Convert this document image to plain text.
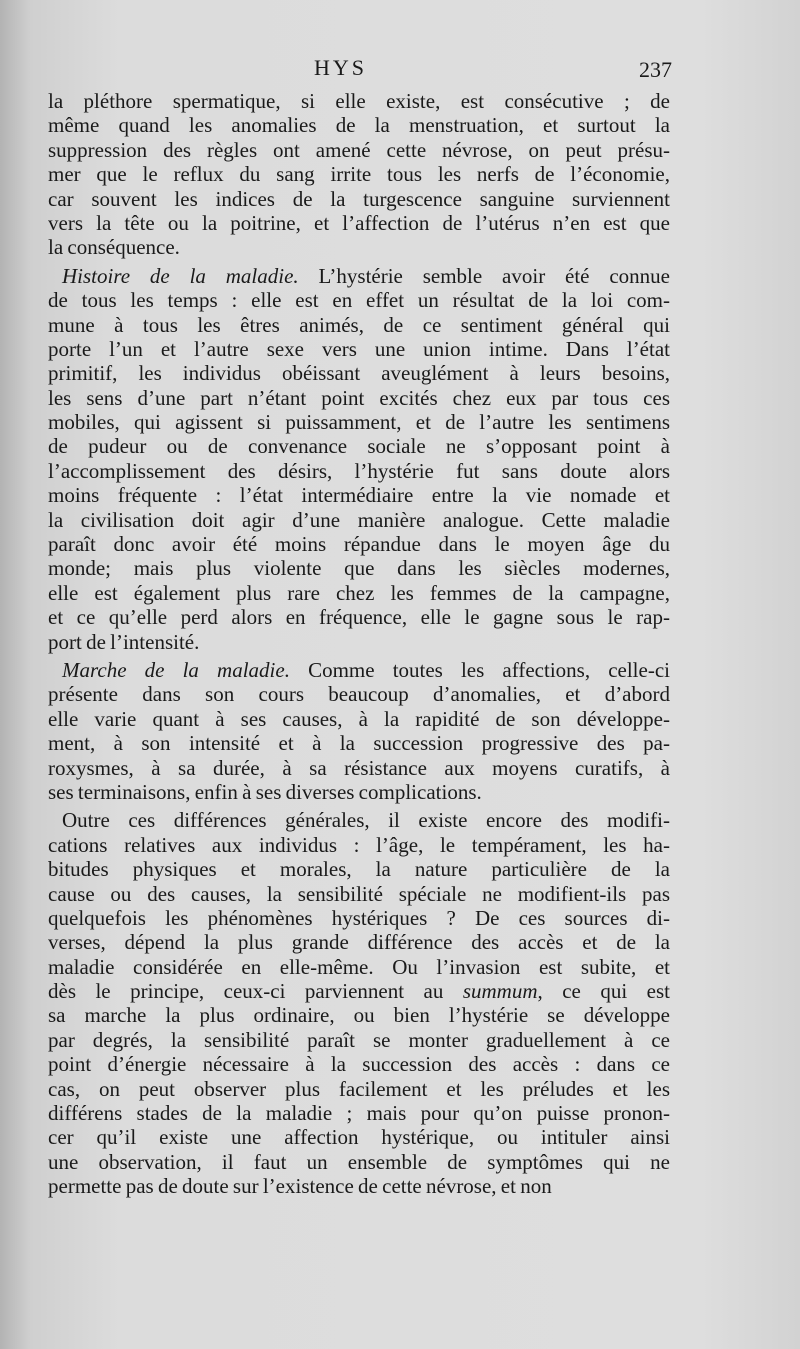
HYS	237
la pléthore spermatique, si elle existe, est consécutive ; de
même quand les anomalies de la menstruation, et surtout la
suppression des règles ont amené cette névrose, on peut présu-
mer que le reflux du sang irrite tous les nerfs de l’économie,
car souvent les indices de la turgescence sanguine surviennent
vers la tête ou la poitrine, et l’affection de l’utérus n’en est que
la conséquence.
Histoire de la maladie. L’hystérie semble avoir été connue
de tous les temps : elle est en effet un résultat de la loi com-
mune à tous les êtres animés, de ce sentiment général qui
porte l’un et l’autre sexe vers une union intime. Dans l’état
primitif, les individus obéissant aveuglément à leurs besoins,
les sens d’une part n’étant point excités chez eux par tous ces
mobiles, qui agissent si puissamment, et de l’autre les sentimens
de pudeur ou de convenance sociale ne s’opposant point à
l’accomplissement des désirs, l’hystérie fut sans doute alors
moins fréquente : l’état intermédiaire entre la vie nomade et
la civilisation doit agir d’une manière analogue. Cette maladie
paraît donc avoir été moins répandue dans le moyen âge du
monde; mais plus violente que dans les siècles modernes,
elle est également plus rare chez les femmes de la campagne,
et ce qu’elle perd alors en fréquence, elle le gagne sous le rap-
port de l’intensité.
Marche de la maladie. Comme toutes les affections, celle-ci
présente dans son cours beaucoup d’anomalies, et d’abord
elle varie quant à ses causes, à la rapidité de son développe-
ment, à son intensité et à la succession progressive des pa-
roxysmes, à sa durée, à sa résistance aux moyens curatifs, à
ses terminaisons, enfin à ses diverses complications.
Outre ces différences générales, il existe encore des modifi-
cations relatives aux individus : l’âge, le tempérament, les ha-
bitudes physiques et morales, la nature particulière de la
cause ou des causes, la sensibilité spéciale ne modifient-ils pas
quelquefois les phénomènes hystériques ? De ces sources di-
verses, dépend la plus grande différence des accès et de la
maladie considérée en elle-même. Ou l’invasion est subite, et
dès le principe, ceux-ci parviennent au summum, ce qui est
sa marche la plus ordinaire, ou bien l’hystérie se développe
par degrés, la sensibilité paraît se monter graduellement à ce
point d’énergie nécessaire à la succession des accès : dans ce
cas, on peut observer plus facilement et les préludes et les
différens stades de la maladie ; mais pour qu’on puisse pronon-
cer qu’il existe une affection hystérique, ou intituler ainsi
une observation, il faut un ensemble de symptômes qui ne
permette pas de doute sur l’existence de cette névrose, et non
